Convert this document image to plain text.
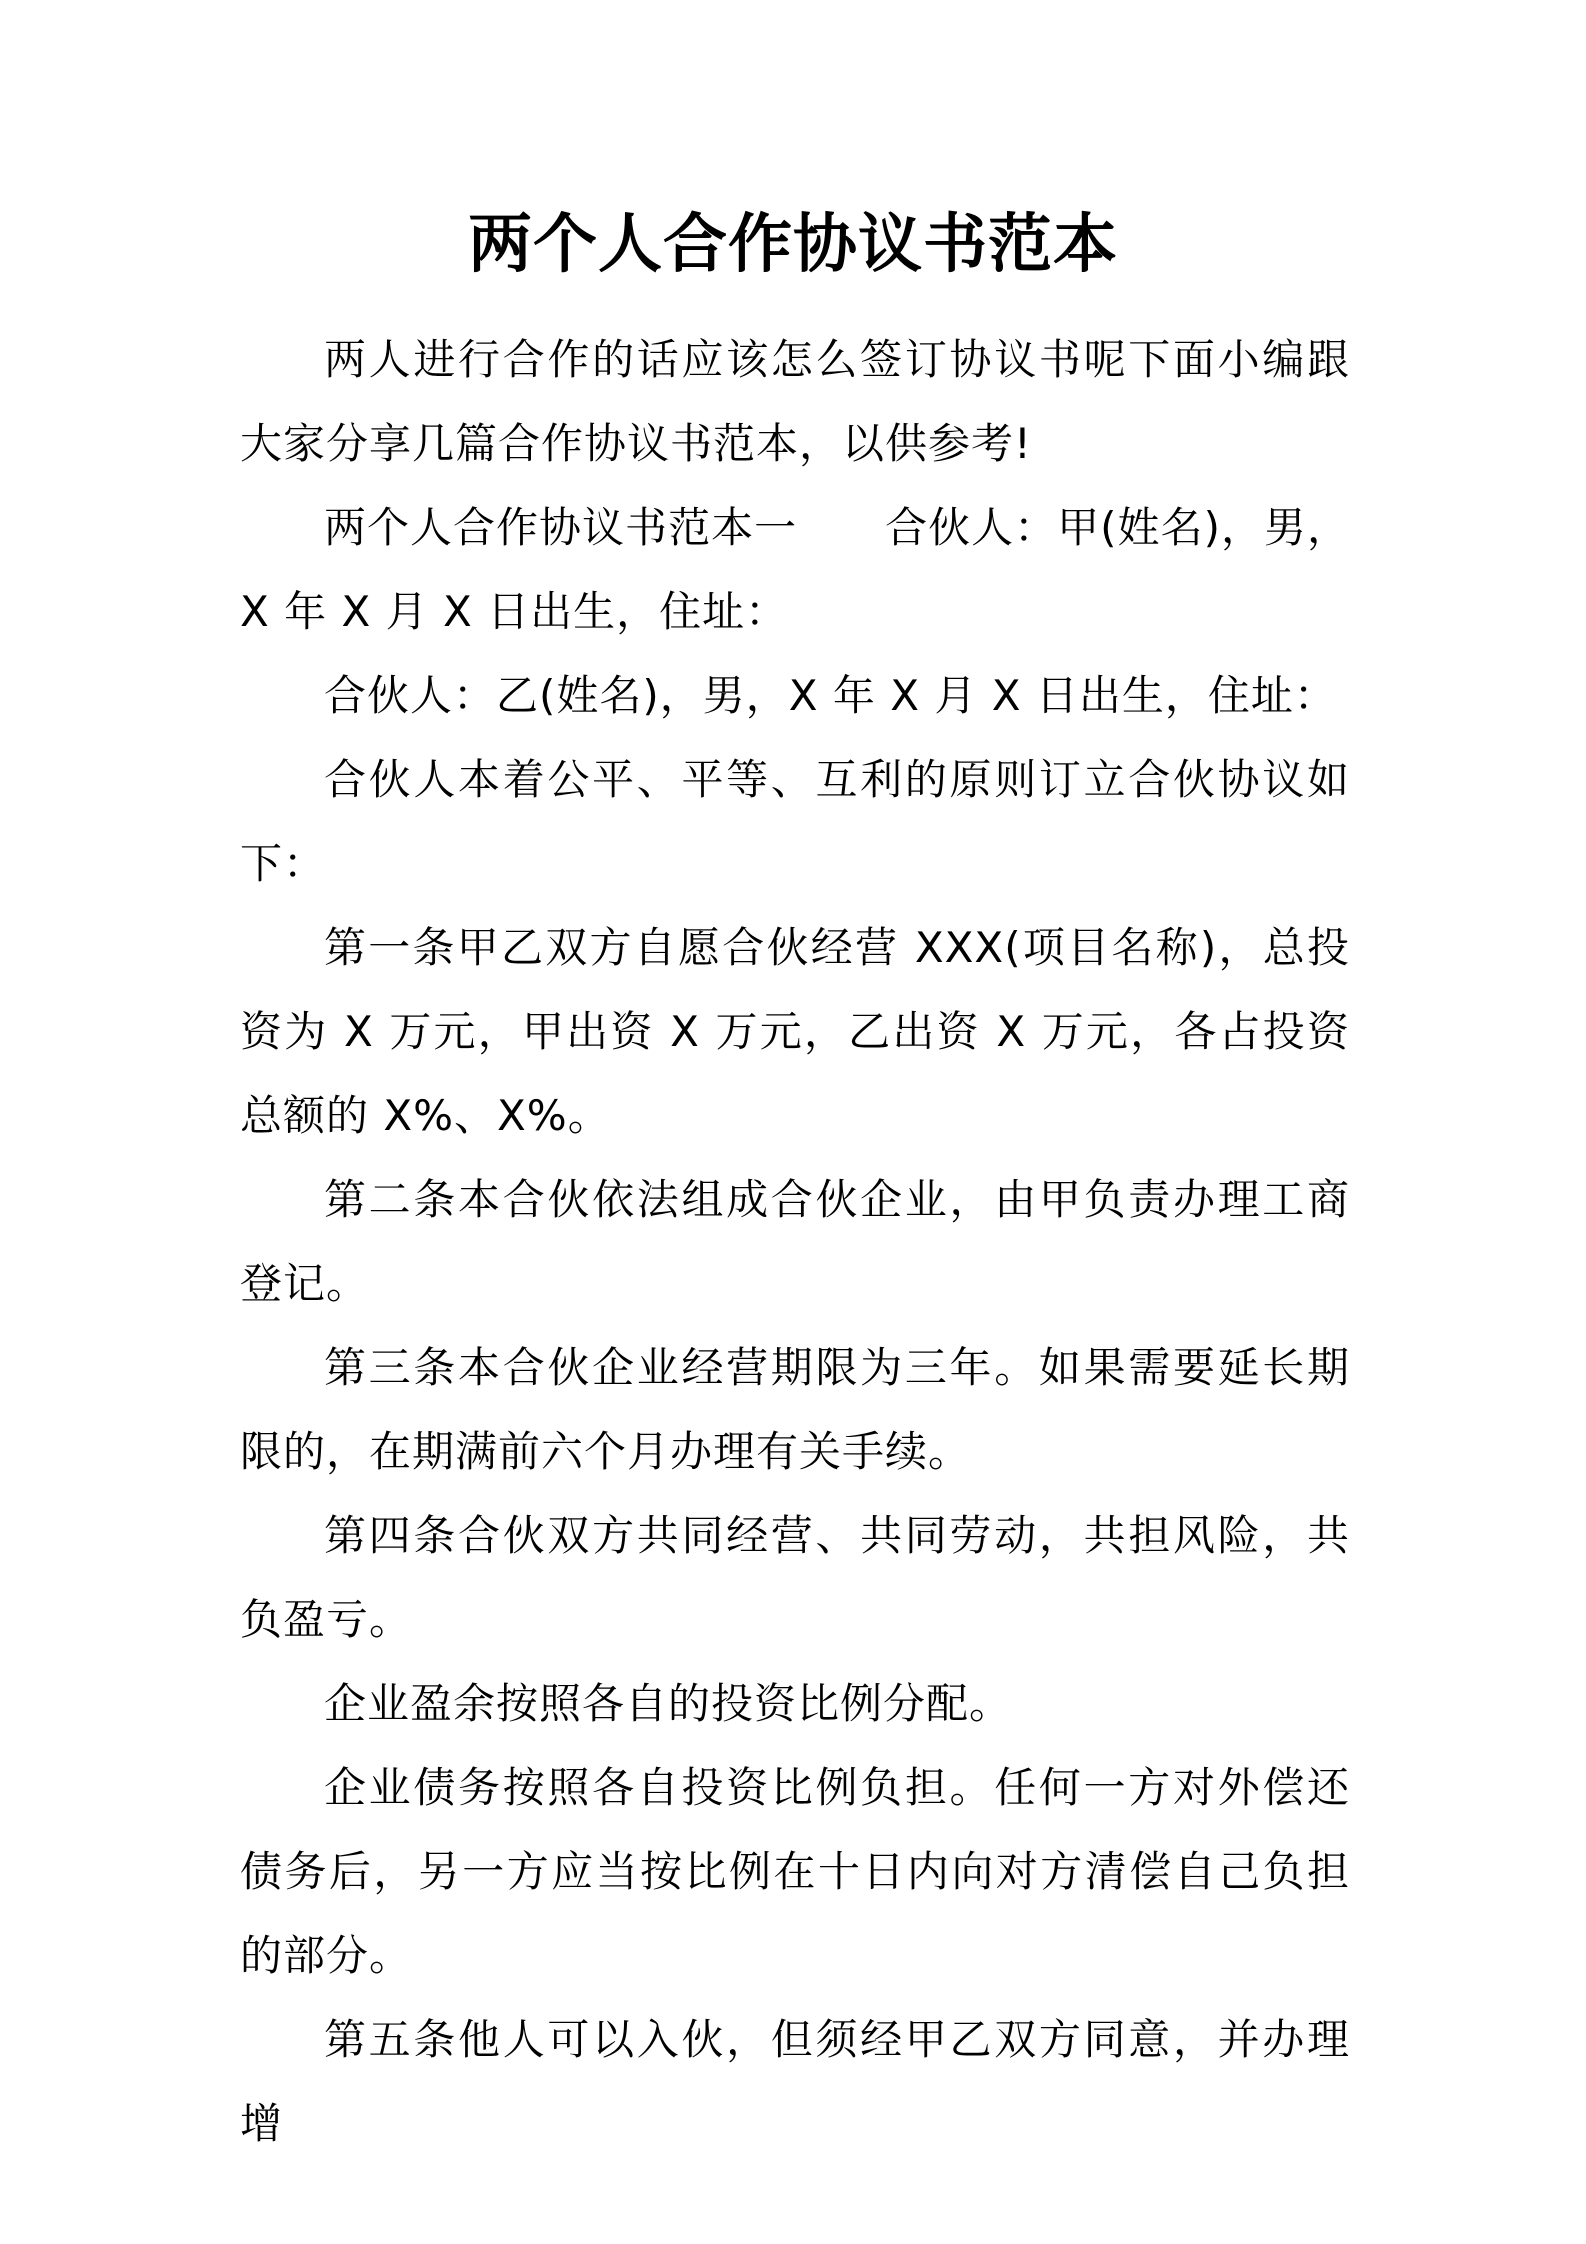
两个人合作协议书范本

两人进行合作的话应该怎么签订协议书呢下面小编跟大家分享几篇合作协议书范本，以供参考!

两个人合作协议书范本一 合伙人：甲(姓名)，男，X 年 X 月 X 日出生，住址：

合伙人：乙(姓名)，男，X 年 X 月 X 日出生，住址：

合伙人本着公平、平等、互利的原则订立合伙协议如下：

第一条甲乙双方自愿合伙经营 XXX(项目名称)，总投资为 X 万元，甲出资 X 万元，乙出资 X 万元，各占投资总额的 X%、X%。

第二条本合伙依法组成合伙企业，由甲负责办理工商登记。

第三条本合伙企业经营期限为三年。如果需要延长期限的，在期满前六个月办理有关手续。

第四条合伙双方共同经营、共同劳动，共担风险，共负盈亏。

企业盈余按照各自的投资比例分配。

企业债务按照各自投资比例负担。任何一方对外偿还债务后，另一方应当按比例在十日内向对方清偿自己负担的部分。

第五条他人可以入伙，但须经甲乙双方同意，并办理增
